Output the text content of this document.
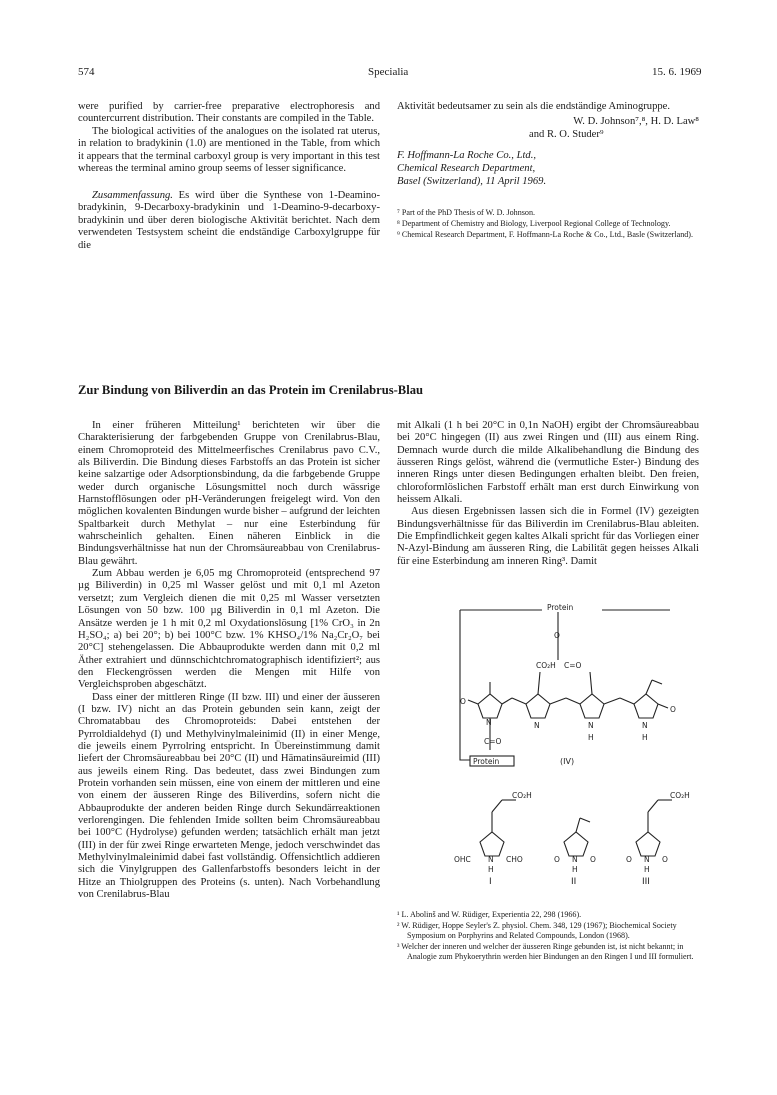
574	Specialia	15. 6. 1969

were purified by carrier-free preparative electrophoresis and countercurrent distribution. Their constants are compiled in the Table.

The biological activities of the analogues on the isolated rat uterus, in relation to bradykinin (1.0) are mentioned in the Table, from which it appears that the terminal carboxyl group is very important in this test whereas the terminal amino group seems of lesser significance.

Zusammenfassung. Es wird über die Synthese von 1-Deamino-bradykinin, 9-Decarboxy-bradykinin und 1-Deamino-9-decarboxy-bradykinin und über deren biologische Aktivität berichtet. Nach dem verwendeten Testsystem scheint die endständige Carboxylgruppe für die

Aktivität bedeutsamer zu sein als die endständige Aminogruppe.

W. D. Johnson⁷,⁸, H. D. Law⁸
and R. O. Studer⁹
F. Hoffmann-La Roche Co., Ltd.,
Chemical Research Department,
Basel (Switzerland), 11 April 1969.
⁷ Part of the PhD Thesis of W. D. Johnson.
⁸ Department of Chemistry and Biology, Liverpool Regional College of Technology.
⁹ Chemical Research Department, F. Hoffmann-La Roche & Co., Ltd., Basle (Switzerland).
Zur Bindung von Biliverdin an das Protein im Crenilabrus-Blau

In einer früheren Mitteilung¹ berichteten wir über die Charakterisierung der farbgebenden Gruppe von Crenilabrus-Blau, einem Chromoproteid des Mittelmeerfisches Crenilabrus pavo C.V., als Biliverdin. Die Bindung dieses Farbstoffs an das Protein ist sicher keine salzartige oder Adsorptionsbindung, da die farbgebende Gruppe weder durch organische Lösungsmittel noch durch wässrige Harnstofflösungen oder pH-Veränderungen freigelegt wird. Von den möglichen kovalenten Bindungen wurde bisher – aufgrund der leichten Spaltbarkeit durch Methylat – nur eine Esterbindung für wahrscheinlich gehalten. Einen näheren Einblick in die Bindungsverhältnisse hat nun der Chromsäureabbau von Crenilabrus-Blau gewährt.

Zum Abbau werden je 6,05 mg Chromoproteid (entsprechend 97 µg Biliverdin) in 0,25 ml Wasser gelöst und mit 0,1 ml Azeton versetzt; zum Vergleich dienen die mit 0,25 ml Wasser versetzten Lösungen von 50 bzw. 100 µg Biliverdin in 0,1 ml Azeton. Die Ansätze werden je 1 h mit 0,2 ml Oxydationslösung [1% CrO₃ in 2n H₂SO₄; a) bei 20°; b) bei 100°C bzw. 1% KHSO₄/1% Na₂Cr₂O₇ bei 20°C] stehengelassen. Die Abbauprodukte werden dann mit 0,2 ml Äther extrahiert und dünnschichtchromatographisch identifiziert²; aus den Fleckengrössen werden die Mengen mit Hilfe von Vergleichsproben abgeschätzt.

Dass einer der mittleren Ringe (II bzw. III) und einer der äusseren (I bzw. IV) nicht an das Protein gebunden sein kann, zeigt der Chromatabbau des Chromoproteids: Dabei entstehen der Pyrroldialdehyd (I) und Methylvinylmaleinimid (II) in einer Menge, die jeweils einem Pyrrolring entspricht. In Übereinstimmung damit liefert der Chromsäureabbau bei 20°C (II) und Hämatinsäureimid (III) aus jeweils einem Ring. Das bedeutet, dass zwei Bindungen zum Protein vorhanden sein müssen, eine von einem der mittleren und eine von einem der äusseren Ringe des Biliverdins, sofern nicht die Abbauprodukte der anderen beiden Ringe durch Sekundärreaktionen verlorengingen. Die fehlenden Imide sollten beim Chromsäureabbau bei 100°C (Hydrolyse) gefunden werden; tatsächlich erhält man jetzt (III) in der für zwei Ringe erwarteten Menge, jedoch verschwindet das Methylvinylmaleinimid dabei fast vollständig. Offensichtlich addieren sich die Vinylgruppen des Gallenfarbstoffs besonders leicht in der Hitze an Thiolgruppen des Proteins (s. unten). Nach Vorbehandlung von Crenilabrus-Blau

mit Alkali (1 h bei 20°C in 0,1n NaOH) ergibt der Chromsäureabbau bei 20°C hingegen (II) aus zwei Ringen und (III) aus einem Ring. Demnach wurde durch die milde Alkalibehandlung die Bindung des äusseren Rings gelöst, während die (vermutliche Ester-) Bindung des inneren Rings unter diesen Bedingungen erhalten bleibt. Den freien, chloroformlöslichen Farbstoff erhält man erst durch Einwirkung von heissem Alkali.

Aus diesen Ergebnissen lassen sich die in Formel (IV) gezeigten Bindungsverhältnisse für das Biliverdin im Crenilabrus-Blau ableiten. Die Empfindlichkeit gegen kaltes Alkali spricht für das Vorliegen einer N-Azyl-Bindung am äusseren Ring, die Labilität gegen heisses Alkali für eine Esterbindung am inneren Ring³. Damit

Protein
O
CO₂H C=O
O
N	N	N
H
O
N
H
C=O
Protein	(IV)
CO₂H
OHC	CHO
N
H
I
O	O
N
H
II
CO₂H
O	O
N
H
III
¹ L. Abolinš and W. Rüdiger, Experientia 22, 298 (1966).
² W. Rüdiger, Hoppe Seyler's Z. physiol. Chem. 348, 129 (1967); Biochemical Society Symposium on Porphyrins and Related Compounds, London (1968).
³ Welcher der inneren und welcher der äusseren Ringe gebunden ist, ist nicht bekannt; in Analogie zum Phykoerythrin werden hier Bindungen an den Ringen I und III formuliert.
